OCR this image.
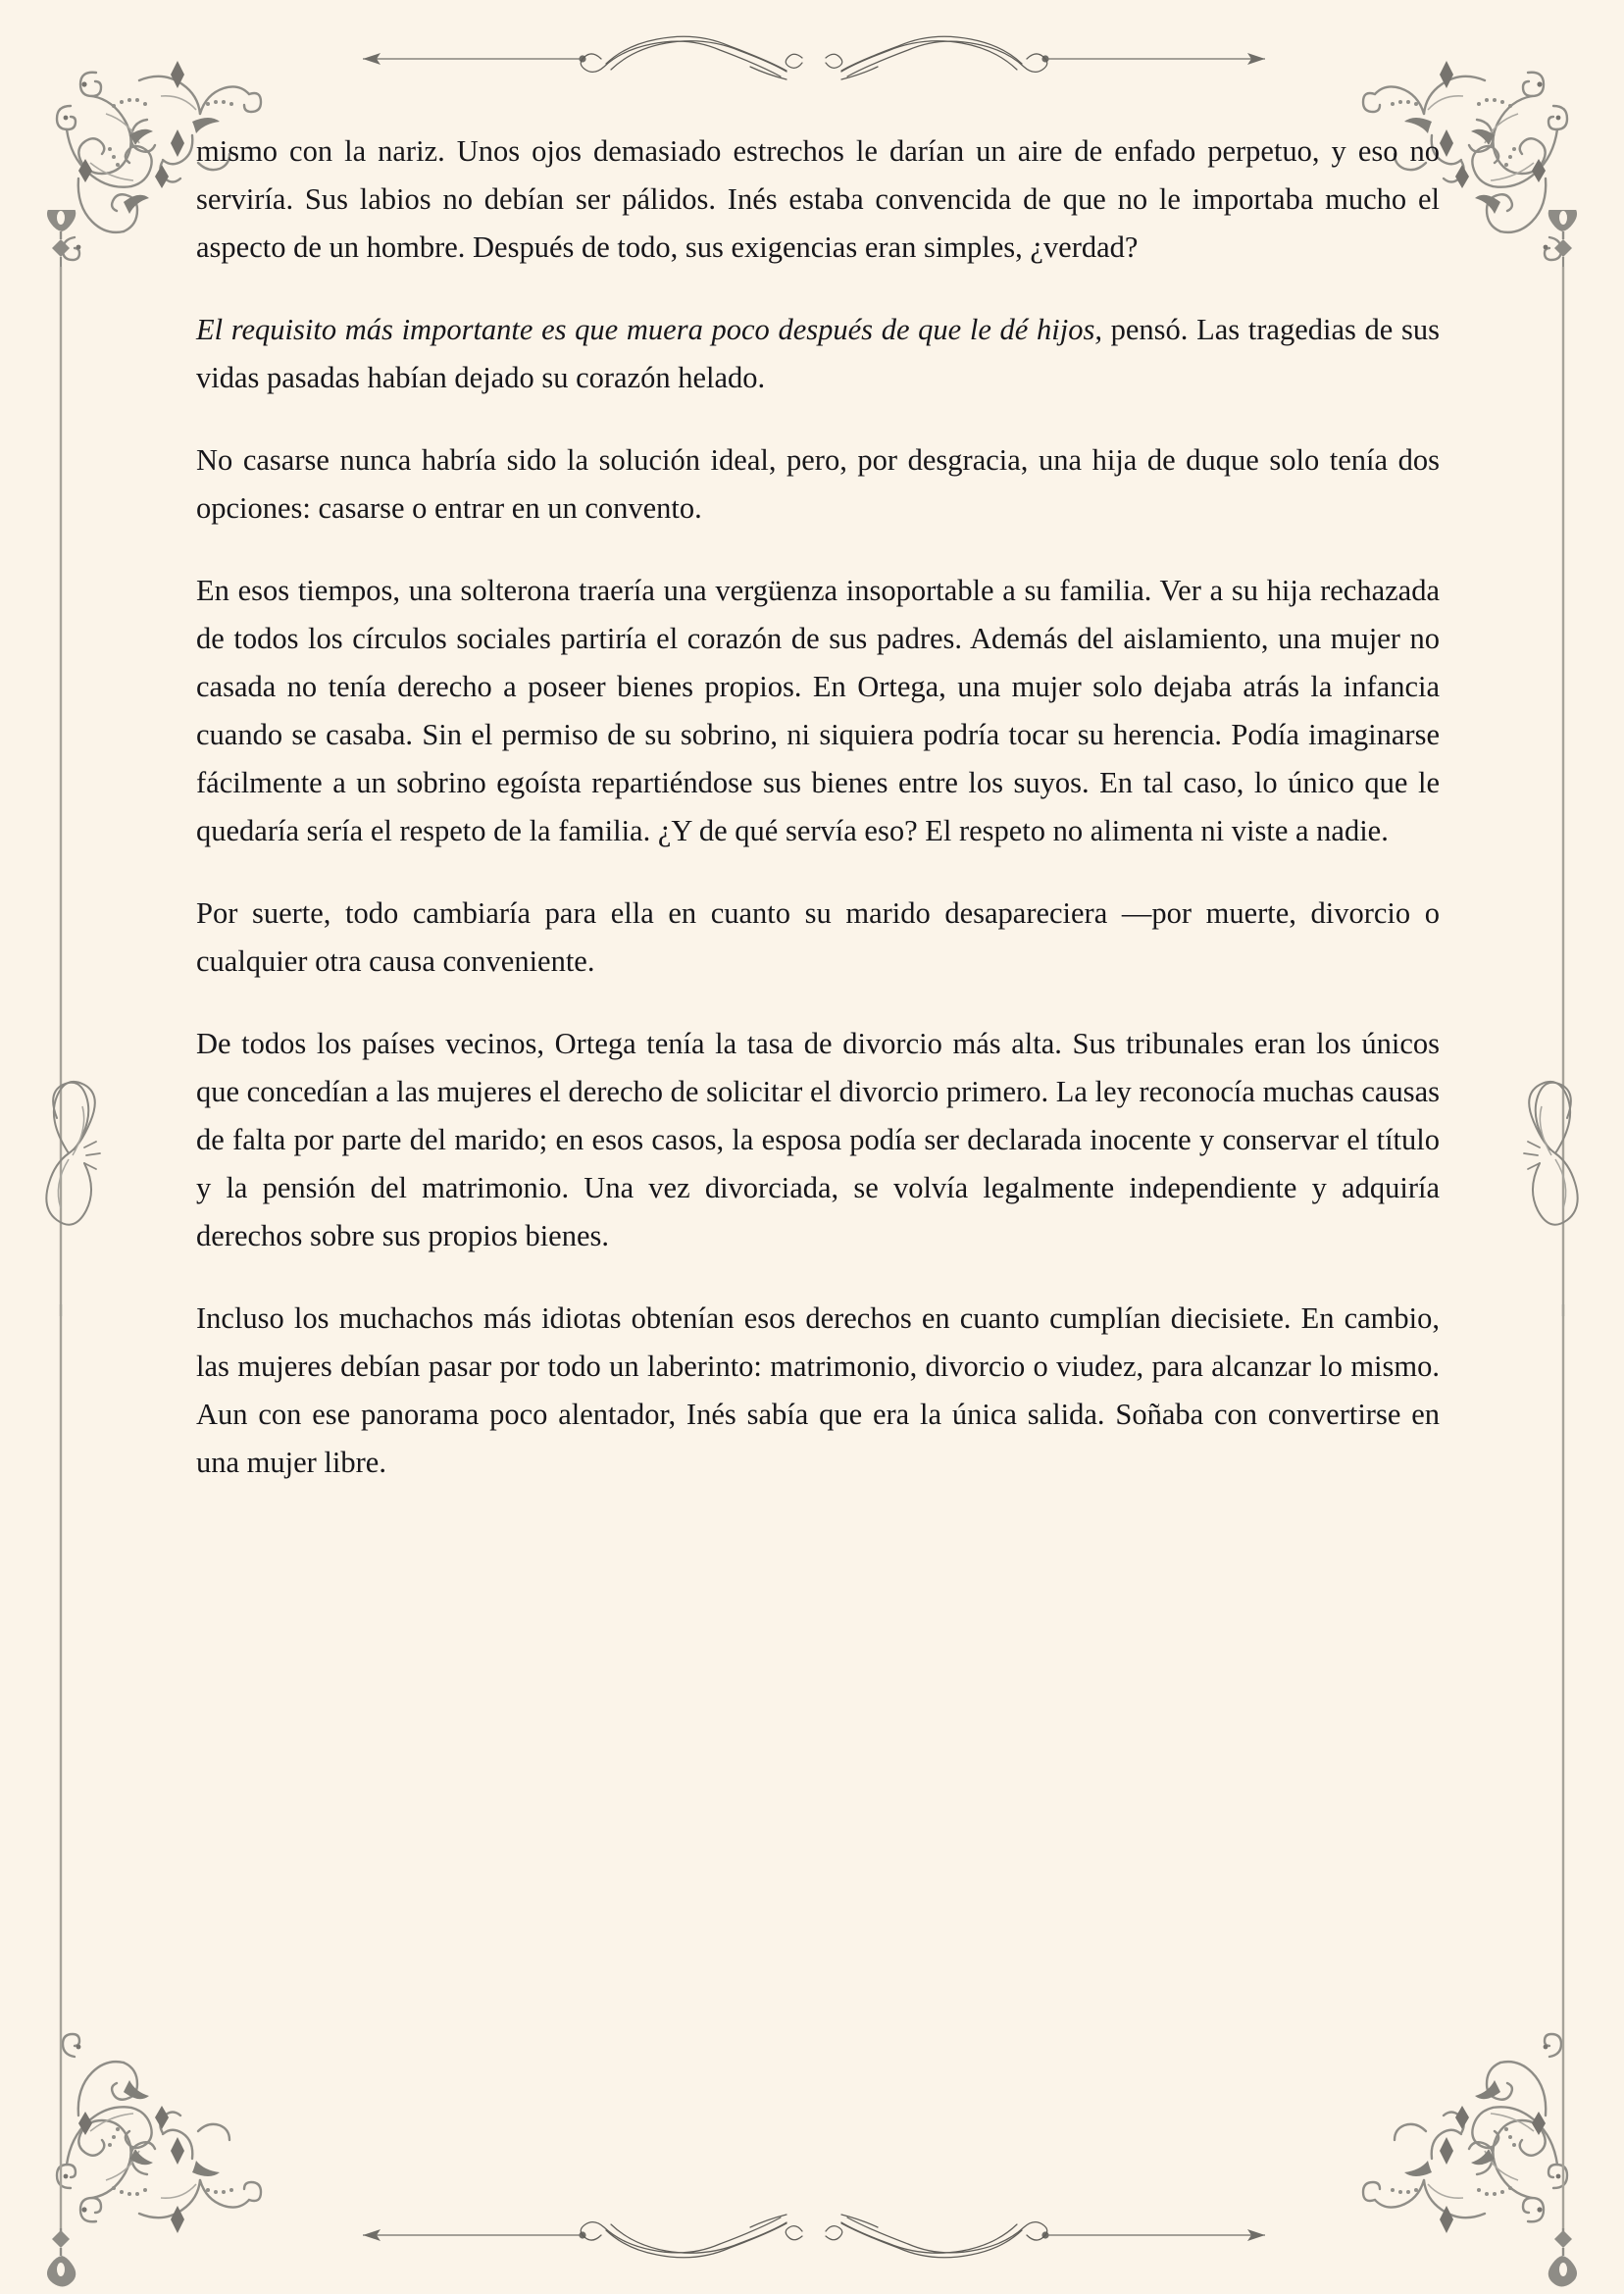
mismo con la nariz. Unos ojos demasiado estrechos le darían un aire de enfado perpetuo, y eso no serviría. Sus labios no debían ser pálidos. Inés estaba convencida de que no le importaba mucho el aspecto de un hombre. Después de todo, sus exigencias eran simples, ¿verdad?

El requisito más importante es que muera poco después de que le dé hijos, pensó. Las tragedias de sus vidas pasadas habían dejado su corazón helado.

No casarse nunca habría sido la solución ideal, pero, por desgracia, una hija de duque solo tenía dos opciones: casarse o entrar en un convento.

En esos tiempos, una solterona traería una vergüenza insoportable a su familia. Ver a su hija rechazada de todos los círculos sociales partiría el corazón de sus padres. Además del aislamiento, una mujer no casada no tenía derecho a poseer bienes propios. En Ortega, una mujer solo dejaba atrás la infancia cuando se casaba. Sin el permiso de su sobrino, ni siquiera podría tocar su herencia. Podía imaginarse fácilmente a un sobrino egoísta repartiéndose sus bienes entre los suyos. En tal caso, lo único que le quedaría sería el respeto de la familia. ¿Y de qué servía eso? El respeto no alimenta ni viste a nadie.

Por suerte, todo cambiaría para ella en cuanto su marido desapareciera —por muerte, divorcio o cualquier otra causa conveniente.

De todos los países vecinos, Ortega tenía la tasa de divorcio más alta. Sus tribunales eran los únicos que concedían a las mujeres el derecho de solicitar el divorcio primero. La ley reconocía muchas causas de falta por parte del marido; en esos casos, la esposa podía ser declarada inocente y conservar el título y la pensión del matrimonio. Una vez divorciada, se volvía legalmente independiente y adquiría derechos sobre sus propios bienes.

Incluso los muchachos más idiotas obtenían esos derechos en cuanto cumplían diecisiete. En cambio, las mujeres debían pasar por todo un laberinto: matrimonio, divorcio o viudez, para alcanzar lo mismo. Aun con ese panorama poco alentador, Inés sabía que era la única salida. Soñaba con convertirse en una mujer libre.
